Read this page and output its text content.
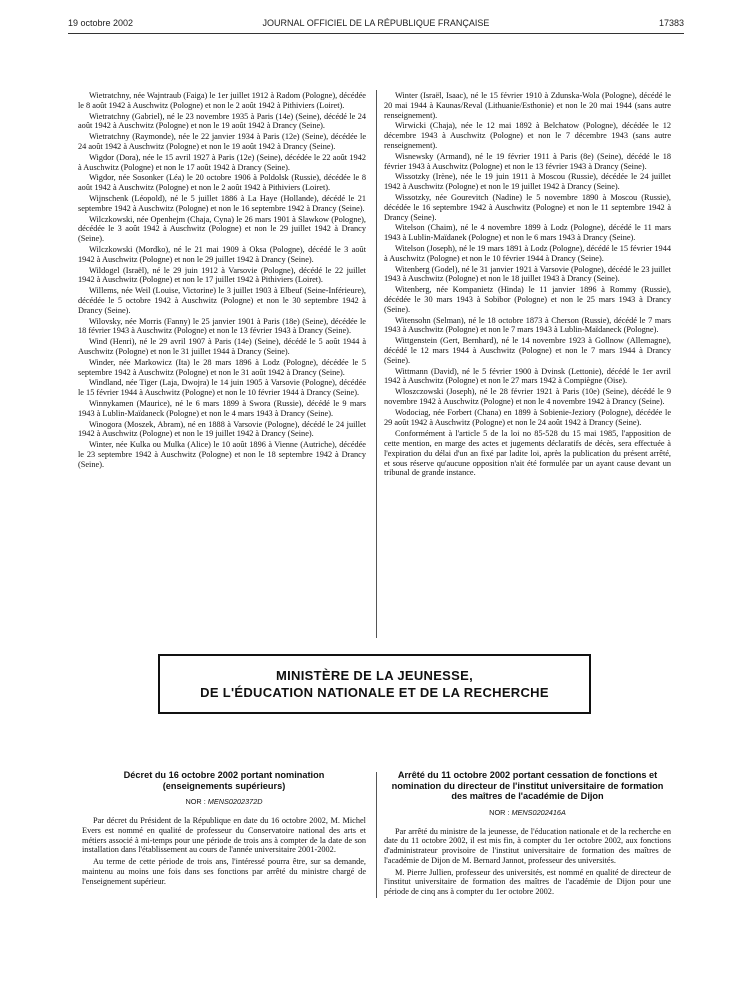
19 octobre 2002	JOURNAL OFFICIEL DE LA RÉPUBLIQUE FRANÇAISE	17383

Wietratchny, née Wajntraub (Faiga) le 1er juillet 1912 à Radom (Pologne), décédée le 8 août 1942 à Auschwitz (Pologne) et non le 2 août 1942 à Pithiviers (Loiret).

Wietratchny (Gabriel), né le 23 novembre 1935 à Paris (14e) (Seine), décédé le 24 août 1942 à Auschwitz (Pologne) et non le 19 août 1942 à Drancy (Seine).

Wietratchny (Raymonde), née le 22 janvier 1934 à Paris (12e) (Seine), décédée le 24 août 1942 à Auschwitz (Pologne) et non le 19 août 1942 à Drancy (Seine).

Wigdor (Dora), née le 15 avril 1927 à Paris (12e) (Seine), décédée le 22 août 1942 à Auschwitz (Pologne) et non le 17 août 1942 à Drancy (Seine).

Wigdor, née Sosonker (Léa) le 20 octobre 1906 à Poldolsk (Russie), décédée le 8 août 1942 à Auschwitz (Pologne) et non le 2 août 1942 à Pithiviers (Loiret).

Wijnschenk (Léopold), né le 5 juillet 1886 à La Haye (Hollande), décédé le 21 septembre 1942 à Auschwitz (Pologne) et non le 16 septembre 1942 à Drancy (Seine).

Wilczkowski, née Openhejm (Chaja, Cyna) le 26 mars 1901 à Slawkow (Pologne), décédée le 3 août 1942 à Auschwitz (Pologne) et non le 29 juillet 1942 à Drancy (Seine).

Wilczkowski (Mordko), né le 21 mai 1909 à Oksa (Pologne), décédé le 3 août 1942 à Auschwitz (Pologne) et non le 29 juillet 1942 à Drancy (Seine).

Wildogel (Israël), né le 29 juin 1912 à Varsovie (Pologne), décédé le 22 juillet 1942 à Auschwitz (Pologne) et non le 17 juillet 1942 à Pithiviers (Loiret).

Willems, née Weil (Louise, Victorine) le 3 juillet 1903 à Elbeuf (Seine-Inférieure), décédée le 5 octobre 1942 à Auschwitz (Pologne) et non le 30 septembre 1942 à Drancy (Seine).

Wilovsky, née Morris (Fanny) le 25 janvier 1901 à Paris (18e) (Seine), décédée le 18 février 1943 à Auschwitz (Pologne) et non le 13 février 1943 à Drancy (Seine).

Wind (Henri), né le 29 avril 1907 à Paris (14e) (Seine), décédé le 5 août 1944 à Auschwitz (Pologne) et non le 31 juillet 1944 à Drancy (Seine).

Winder, née Markowicz (Ita) le 28 mars 1896 à Lodz (Pologne), décédée le 5 septembre 1942 à Auschwitz (Pologne) et non le 31 août 1942 à Drancy (Seine).

Windland, née Tiger (Laja, Dwojra) le 14 juin 1905 à Varsovie (Pologne), décédée le 15 février 1944 à Auschwitz (Pologne) et non le 10 février 1944 à Drancy (Seine).

Winnykamen (Maurice), né le 6 mars 1899 à Swora (Russie), décédé le 9 mars 1943 à Lublin-Maïdaneck (Pologne) et non le 4 mars 1943 à Drancy (Seine).

Winogora (Moszek, Abram), né en 1888 à Varsovie (Pologne), décédé le 24 juillet 1942 à Auschwitz (Pologne) et non le 19 juillet 1942 à Drancy (Seine).

Winter, née Kulka ou Mulka (Alice) le 10 août 1896 à Vienne (Autriche), décédée le 23 septembre 1942 à Auschwitz (Pologne) et non le 18 septembre 1942 à Drancy (Seine).

Winter (Israël, Isaac), né le 15 février 1910 à Zdunska-Wola (Pologne), décédé le 20 mai 1944 à Kaunas/Reval (Lithuanie/Esthonie) et non le 20 mai 1944 (sans autre renseignement).

Wirwicki (Chaja), née le 12 mai 1892 à Belchatow (Pologne), décédée le 12 décembre 1943 à Auschwitz (Pologne) et non le 7 décembre 1943 (sans autre renseignement).

Wisnewsky (Armand), né le 19 février 1911 à Paris (8e) (Seine), décédé le 18 février 1943 à Auschwitz (Pologne) et non le 13 février 1943 à Drancy (Seine).

Wissotzky (Irène), née le 19 juin 1911 à Moscou (Russie), décédée le 24 juillet 1942 à Auschwitz (Pologne) et non le 19 juillet 1942 à Drancy (Seine).

Wissotzky, née Gourevitch (Nadine) le 5 novembre 1890 à Moscou (Russie), décédée le 16 septembre 1942 à Auschwitz (Pologne) et non le 11 septembre 1942 à Drancy (Seine).

Witelson (Chaim), né le 4 novembre 1899 à Lodz (Pologne), décédé le 11 mars 1943 à Lublin-Maïdanek (Pologne) et non le 6 mars 1943 à Drancy (Seine).

Witelson (Joseph), né le 19 mars 1891 à Lodz (Pologne), décédé le 15 février 1944 à Auschwitz (Pologne) et non le 10 février 1944 à Drancy (Seine).

Witenberg (Godel), né le 31 janvier 1921 à Varsovie (Pologne), décédé le 23 juillet 1943 à Auschwitz (Pologne) et non le 18 juillet 1943 à Drancy (Seine).

Witenberg, née Kompanietz (Hinda) le 11 janvier 1896 à Rommy (Russie), décédée le 30 mars 1943 à Sobibor (Pologne) et non le 25 mars 1943 à Drancy (Seine).

Witensohn (Selman), né le 18 octobre 1873 à Cherson (Russie), décédé le 7 mars 1943 à Auschwitz (Pologne) et non le 7 mars 1943 à Lublin-Maïdaneck (Pologne).

Wittgenstein (Gert, Bernhard), né le 14 novembre 1923 à Gollnow (Allemagne), décédé le 12 mars 1944 à Auschwitz (Pologne) et non le 7 mars 1944 à Drancy (Seine).

Wittmann (David), né le 5 février 1900 à Dvinsk (Lettonie), décédé le 1er avril 1942 à Auschwitz (Pologne) et non le 27 mars 1942 à Compiègne (Oise).

Wloszczowski (Joseph), né le 28 février 1921 à Paris (10e) (Seine), décédé le 9 novembre 1942 à Auschwitz (Pologne) et non le 4 novembre 1942 à Drancy (Seine).

Wodociag, née Forbert (Chana) en 1899 à Sobienie-Jeziory (Pologne), décédée le 29 août 1942 à Auschwitz (Pologne) et non le 24 août 1942 à Drancy (Seine).

Conformément à l'article 5 de la loi no 85-528 du 15 mai 1985, l'apposition de cette mention, en marge des actes et jugements déclaratifs de décès, sera effectuée à l'expiration du délai d'un an fixé par ladite loi, après la publication du présent arrêté, et sous réserve qu'aucune opposition n'ait été formulée par un ayant cause devant un tribunal de grande instance.

MINISTÈRE DE LA JEUNESSE,
DE L'ÉDUCATION NATIONALE ET DE LA RECHERCHE
Décret du 16 octobre 2002 portant nomination (enseignements supérieurs)
NOR : MENS0202372D

Par décret du Président de la République en date du 16 octobre 2002, M. Michel Evers est nommé en qualité de professeur du Conservatoire national des arts et métiers associé à mi-temps pour une période de trois ans à compter de la date de son installation dans l'établissement au cours de l'année universitaire 2001-2002.

Au terme de cette période de trois ans, l'intéressé pourra être, sur sa demande, maintenu au moins une fois dans ses fonctions par arrêté du ministre chargé de l'enseignement supérieur.

Arrêté du 11 octobre 2002 portant cessation de fonctions et nomination du directeur de l'institut universitaire de formation des maîtres de l'académie de Dijon
NOR : MENS0202416A

Par arrêté du ministre de la jeunesse, de l'éducation nationale et de la recherche en date du 11 octobre 2002, il est mis fin, à compter du 1er octobre 2002, aux fonctions d'administrateur provisoire de l'institut universitaire de formation des maîtres de l'académie de Dijon de M. Bernard Jannot, professeur des universités.

M. Pierre Jullien, professeur des universités, est nommé en qualité de directeur de l'institut universitaire de formation des maîtres de l'académie de Dijon pour une période de cinq ans à compter du 1er octobre 2002.
